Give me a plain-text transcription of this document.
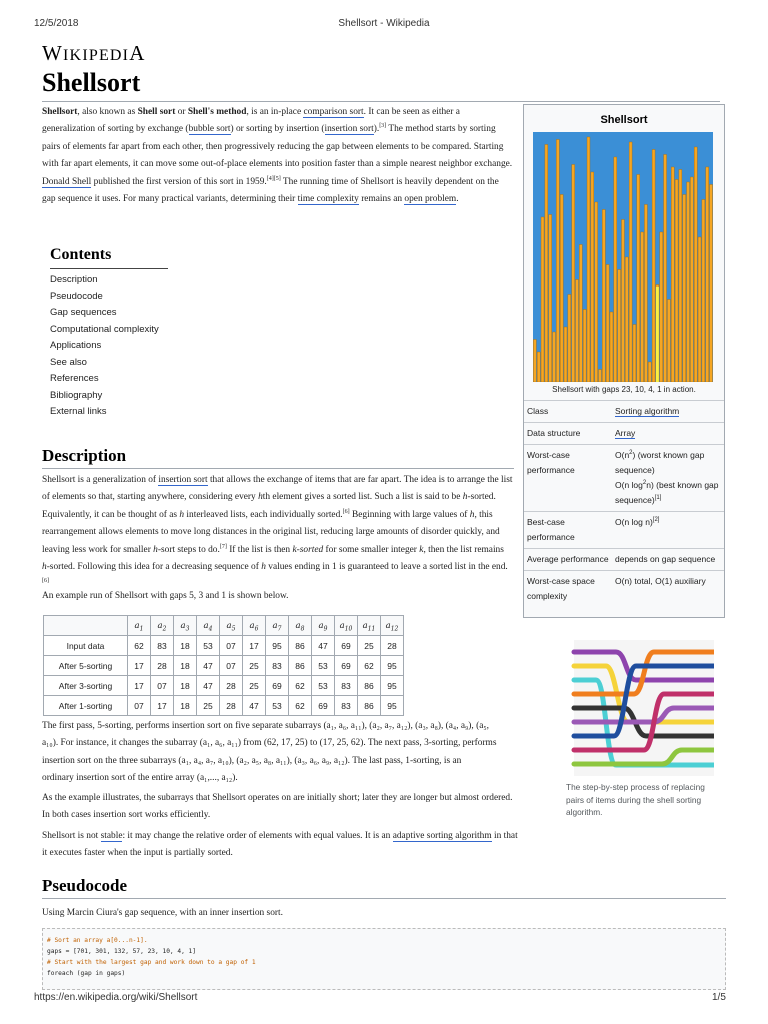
12/5/2018	Shellsort - Wikipedia
https://en.wikipedia.org/wiki/Shellsort	1/5
WIKIPEDIA
Shellsort
Shellsort, also known as Shell sort or Shell's method, is an in-place comparison sort. It can be seen as either a generalization of sorting by exchange (bubble sort) or sorting by insertion (insertion sort).[3] The method starts by sorting pairs of elements far apart from each other, then progressively reducing the gap between elements to be compared. Starting with far apart elements, it can move some out-of-place elements into position faster than a simple nearest neighbor exchange. Donald Shell published the first version of this sort in 1959.[4][5] The running time of Shellsort is heavily dependent on the gap sequence it uses. For many practical variants, determining their time complexity remains an open problem.
Contents
Description
Pseudocode
Gap sequences
Computational complexity
Applications
See also
References
Bibliography
External links
Shellsort
Shellsort with gaps 23, 10, 4, 1 in action.
Class	Sorting algorithm
Data structure	Array
Worst-case performance	$O(n^2)$ (worst known gap sequence)
O(n $\log^2n$) (best known gap sequence)[1]
Best-case performance	O(n log n)[2]
Average performance	depends on gap sequence
Worst-case space complexity	O(n) total, O(1) auxiliary
Description
Shellsort is a generalization of insertion sort that allows the exchange of items that are far apart. The idea is to arrange the list of elements so that, starting anywhere, considering every hth element gives a sorted list. Such a list is said to be h-sorted. Equivalently, it can be thought of as h interleaved lists, each individually sorted.[6] Beginning with large values of h, this rearrangement allows elements to move long distances in the original list, reducing large amounts of disorder quickly, and leaving less work for smaller h-sort steps to do.[7] If the list is then k-sorted for some smaller integer k, then the list remains h-sorted. Following this idea for a decreasing sequence of h values ending in 1 is guaranteed to leave a sorted list in the end.[6]
An example run of Shellsort with gaps 5, 3 and 1 is shown below.
	$a_1$	$a_2$	$a_3$	$a_4$	$a_5$	$a_6$	$a_7$	$a_8$	$a_9$	$a_{10}$	$a_{11}$	$a_{12}$
Input data	62	83	18	53	07	17	95	86	47	69	25	28
After 5-sorting	17	28	18	47	07	25	83	86	53	69	62	95
After 3-sorting	17	07	18	47	28	25	69	62	53	83	86	95
After 1-sorting	07	17	18	25	28	47	53	62	69	83	86	95
The first pass, 5-sorting, performs insertion sort on five separate subarrays (a₁, a₆, a₁₁), (a₂, a₇, a₁₂), (a₃, a₈), (a₄, a₉), (a₅,
a₁₀). For instance, it changes the subarray (a₁, a₆, a₁₁) from (62, 17, 25) to (17, 25, 62). The next pass, 3-sorting, performs
insertion sort on the three subarrays (a₁, a₄, a₇, a₁₀), (a₂, a₅, a₈, a₁₁), (a₃, a₆, a₉, a₁₂). The last pass, 1-sorting, is an
ordinary insertion sort of the entire array (a₁,..., a₁₂).
As the example illustrates, the subarrays that Shellsort operates on are initially short; later they are longer but almost ordered. In both cases insertion sort works efficiently.
Shellsort is not stable: it may change the relative order of elements with equal values. It is an adaptive sorting algorithm in that it executes faster when the input is partially sorted.
The step-by-step process of replacing pairs of items during the shell sorting algorithm.
Pseudocode
Using Marcin Ciura's gap sequence, with an inner insertion sort.
# Sort an array a[0...n-1].
gaps = [701, 301, 132, 57, 23, 10, 4, 1]
# Start with the largest gap and work down to a gap of 1
foreach (gap in gaps)
